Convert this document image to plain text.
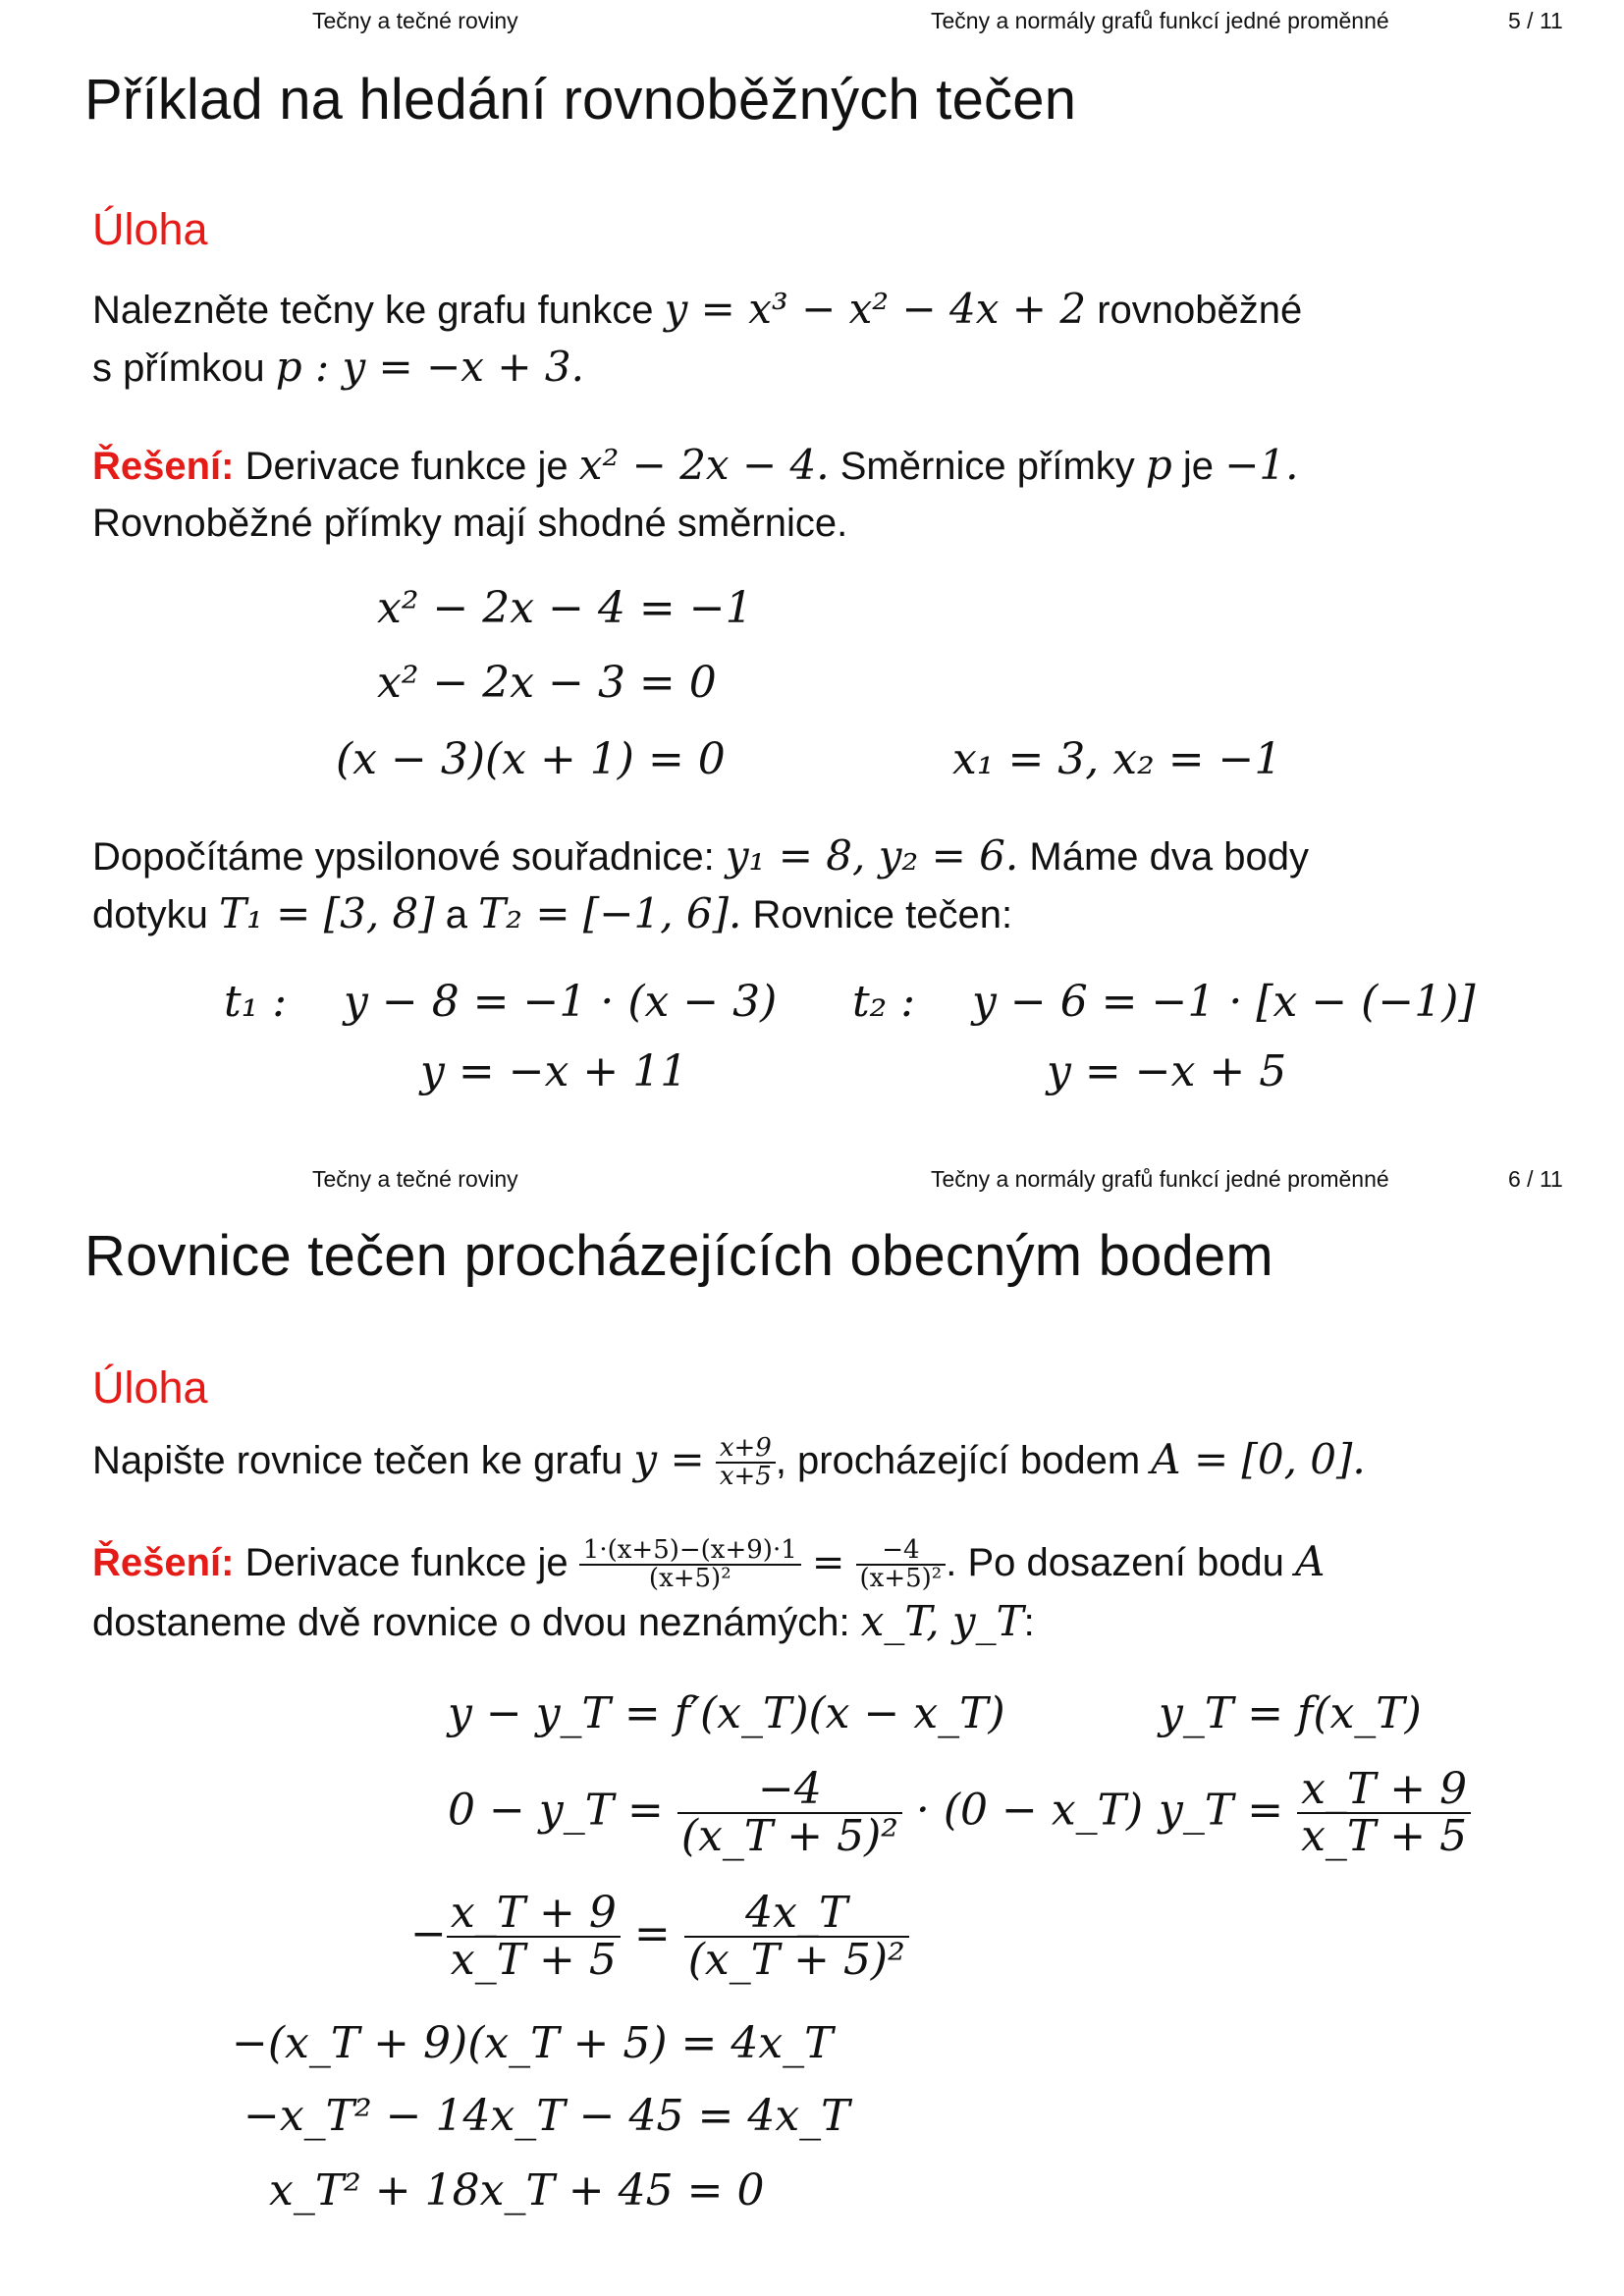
Tečny a tečné roviny	Tečny a normály grafů funkcí jedné proměnné	5 / 11
Příklad na hledání rovnoběžných tečen
Úloha
Nalezněte tečny ke grafu funkce y = x³ − x² − 4x + 2 rovnoběžné
s přímkou p : y = −x + 3.
Řešení: Derivace funkce je x² − 2x − 4. Směrnice přímky p je −1.
Rovnoběžné přímky mají shodné směrnice.
x² − 2x − 4 = −1
x² − 2x − 3 = 0
(x − 3)(x + 1) = 0	x₁ = 3, x₂ = −1
Dopočítáme ypsilonové souřadnice: y₁ = 8, y₂ = 6. Máme dva body
dotyku T₁ = [3, 8] a T₂ = [−1, 6]. Rovnice tečen:
t₁ : y − 8 = −1 · (x − 3)
y = −x + 11
t₂ : y − 6 = −1 · [x − (−1)]
y = −x + 5
Tečny a tečné roviny	Tečny a normály grafů funkcí jedné proměnné	6 / 11
Rovnice tečen procházejících obecným bodem
Úloha
Napište rovnice tečen ke grafu $y = \frac{x+9}{x+5}$ , procházející bodem A = [0, 0].
Řešení: Derivace funkce je $\frac{1\cdot(x+5)-(x+9)\cdot 1}{\text{(x+5)²}} = \frac{-4}{\text{(x+5)²}}$ . Po dosazení bodu A
dostaneme dvě rovnice o dvou neznámých: x_T, y_T:
y − y_T = f′(x_T)(x − x_T)	y_T = f(x_T)
0 − y_T = $\frac{-4}{\text{(x\_T + 5)²}} \cdot (0$ − x_T) y_T = $\frac{x\_T + 9}{x\_T + 5}$
− $\frac{x\_T + 9}{x\_T + 5} = \frac{4x\_T}{\text{(x\_T + 5)²}}$
−(x_T + 9)(x_T + 5) = 4x_T
−x_T² − 14x_T − 45 = 4x_T
x_T² + 18x_T + 45 = 0
